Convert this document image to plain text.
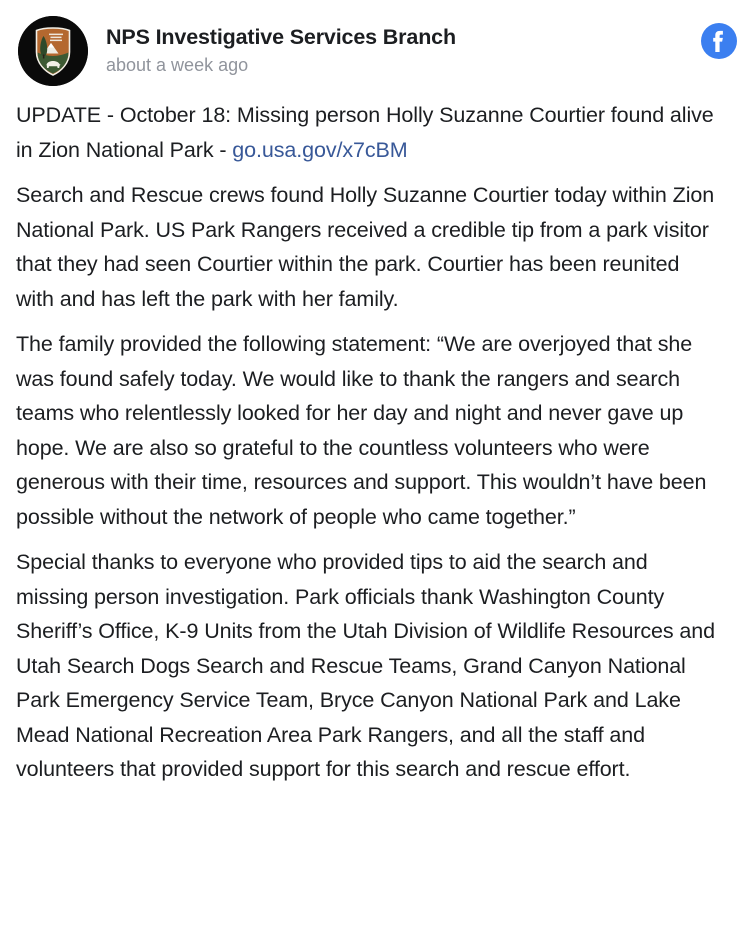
NPS Investigative Services Branch
about a week ago

UPDATE - October 18: Missing person Holly Suzanne Courtier found alive in Zion National Park - go.usa.gov/x7cBM

Search and Rescue crews found Holly Suzanne Courtier today within Zion National Park. US Park Rangers received a credible tip from a park visitor that they had seen Courtier within the park. Courtier has been reunited with and has left the park with her family.

The family provided the following statement: “We are overjoyed that she was found safely today. We would like to thank the rangers and search teams who relentlessly looked for her day and night and never gave up hope. We are also so grateful to the countless volunteers who were generous with their time, resources and support. This wouldn’t have been possible without the network of people who came together.”

Special thanks to everyone who provided tips to aid the search and missing person investigation. Park officials thank Washington County Sheriff’s Office, K-9 Units from the Utah Division of Wildlife Resources and Utah Search Dogs Search and Rescue Teams, Grand Canyon National Park Emergency Service Team, Bryce Canyon National Park and Lake Mead National Recreation Area Park Rangers, and all the staff and volunteers that provided support for this search and rescue effort.
